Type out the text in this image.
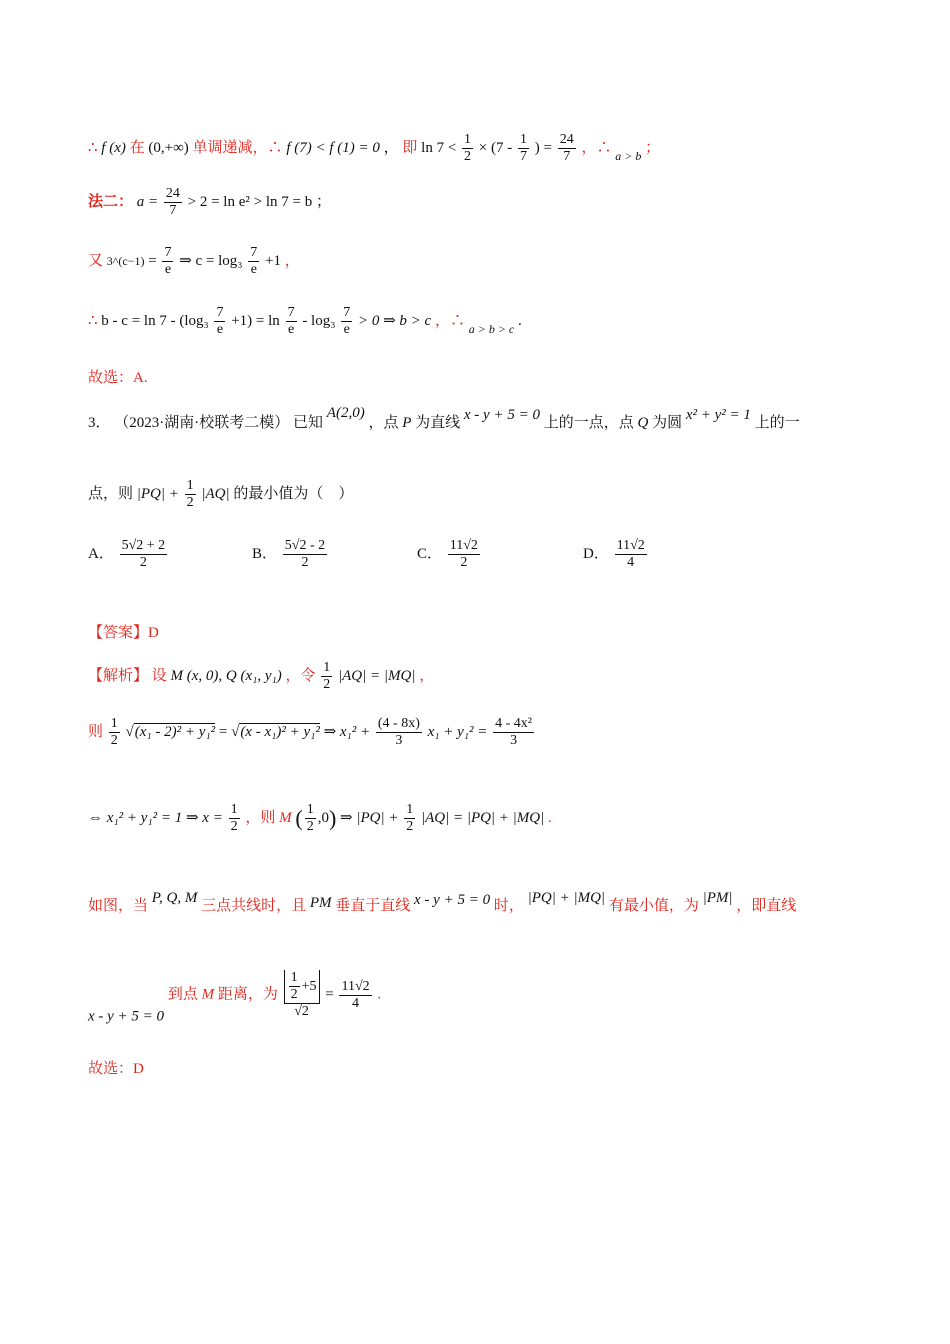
∴ f (x) 在 (0,+∞) 单调递减，∴ f (7) < f (1) = 0 ， 即 $\ln 7 < \frac{1}{2} \times (7 - \frac{1}{7}$ ) = $\frac{24}{7}$ ，∴ $_{a > b}$ ；
法二： $a = \frac{24}{7} > 2 = \ln e^2 > \ln 7 = b$ ；
又 3^(c−1) = $\frac{7}{e}$ ⇒ $c = \log_3 \frac{7}{e} +1$ ，
∴ $b - c = \ln 7 - (\log_3 \frac{7}{e} +1) = \ln \frac{7}{e} - \log_3 \frac{7}{e} > 0$ ⇒ b > c ，∴ $_{a > b > c}$ .
故选：A.
3． （2023·湖南·校联考二模） 已知 A(2,0) ，点 P 为直线 x - y + 5 = 0 上的一点，点 Q 为圆 x² + y² = 1 上的一
点，则 $|PQ| + \frac{1}{2} |AQ|$ 的最小值为（　）
A． $\frac{5√2 + 2}{2}$	B． $\frac{5√2 - 2}{2}$	C． $\frac{11√2}{2}$	D． $\frac{11√2}{4}$
【答案】D
【解析】 设 M (x, 0), Q (x₁, y₁) ，令 $\frac{1}{2} |AQ| = |MQ|$ ，
则 $\frac{1}{2} √(x_1 - 2)^2 + y_1^2 = √(x - x_1)^2 + y_1^2$ ⇒ $x_1^2 + \frac{(4 - 8x)}{3} x_1 + y_1^2 = \frac{\text{4 - 4x²}}{3}$
⇔ x₁² + y₁² = 1 ⇒ $x = \frac{1}{2}$ ，则 M ( $\frac{1}{2} ,0$) ⇒ $|PQ| + \frac{1}{2} |AQ| = |PQ| + |MQ|$ .
如图，当 P, Q, M 三点共线时，且 PM 垂直于直线 x - y + 5 = 0 时， |PQ| + |MQ| 有最小值，为 |PM| ，即直线
x - y + 5 = 0 到点 M 距离，为 $\frac{\frac{1}{2} +5}{√2} = \frac{11√2}{4}$ .
故选：D
